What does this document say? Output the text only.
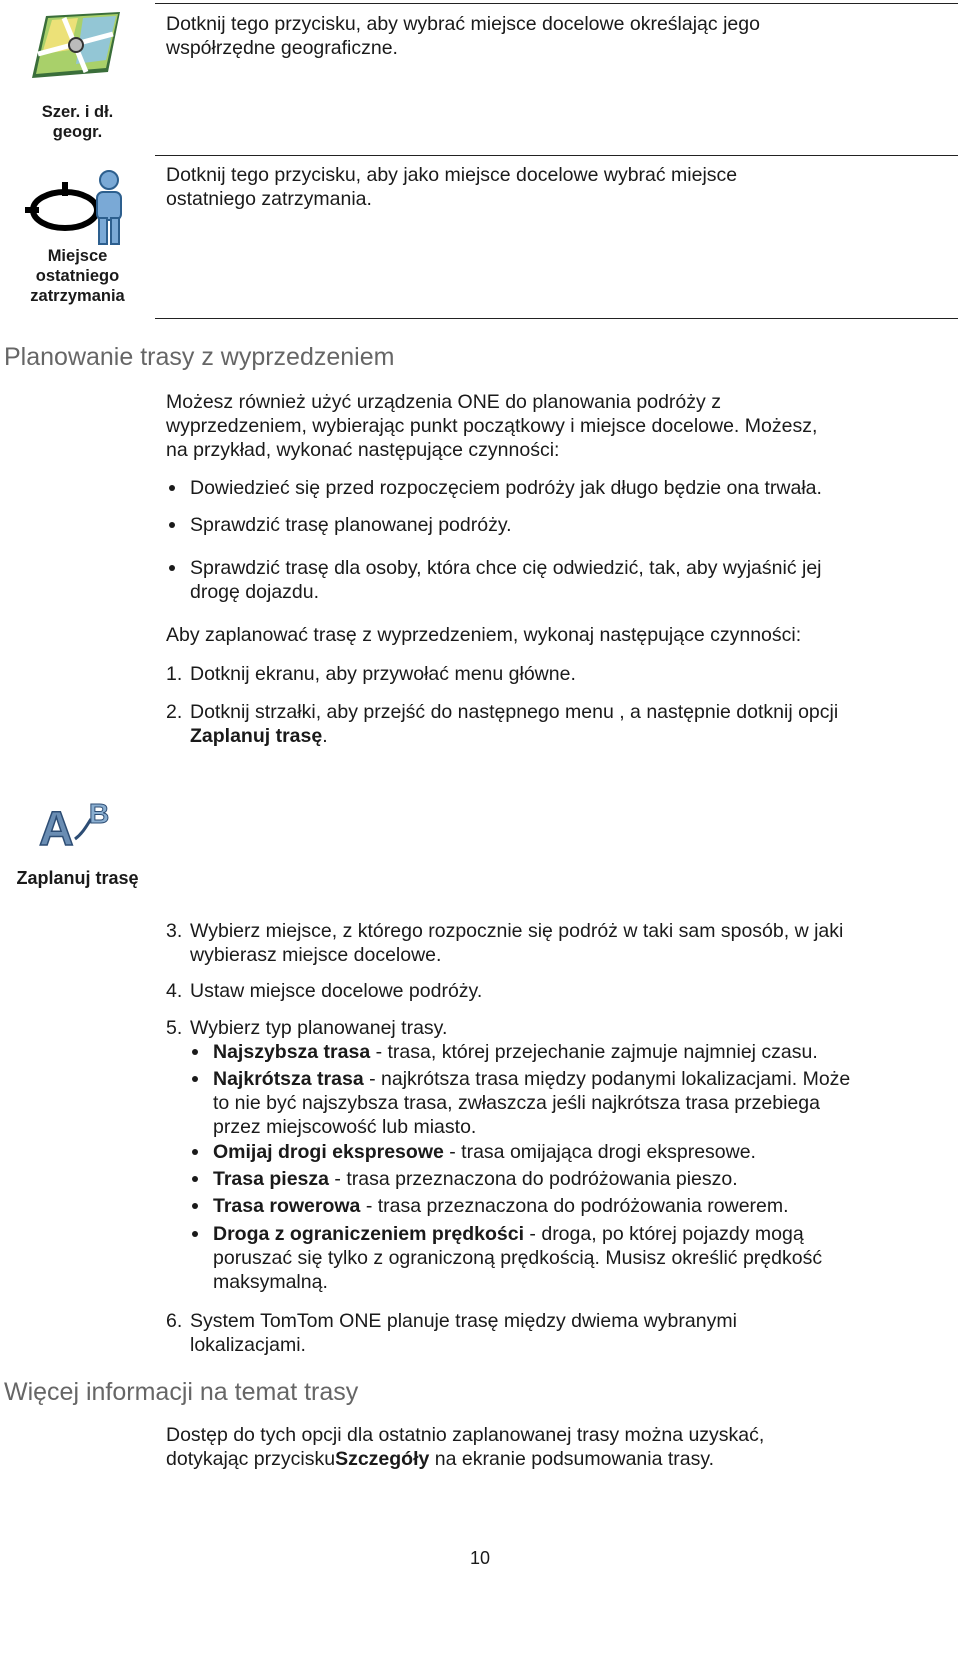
Szer. i dł.
geogr.
Dotknij tego przycisku, aby wybrać miejsce docelowe określając jego
współrzędne geograficzne.
Miejsce
ostatniego
zatrzymania
Dotknij tego przycisku, aby jako miejsce docelowe wybrać miejsce
ostatniego zatrzymania.
Planowanie trasy z wyprzedzeniem
Możesz również użyć urządzenia ONE do planowania podróży z
wyprzedzeniem, wybierając punkt początkowy i miejsce docelowe. Możesz,
na przykład, wykonać następujące czynności:
Dowiedzieć się przed rozpoczęciem podróży jak długo będzie ona trwała.
Sprawdzić trasę planowanej podróży.
Sprawdzić trasę dla osoby, która chce cię odwiedzić, tak, aby wyjaśnić jej
drogę dojazdu.
Aby zaplanować trasę z wyprzedzeniem, wykonaj następujące czynności:
1. Dotknij ekranu, aby przywołać menu główne.
2. Dotknij strzałki, aby przejść do następnego menu , a następnie dotknij opcji
Zaplanuj trasę.
A B
Zaplanuj trasę
3. Wybierz miejsce, z którego rozpocznie się podróż w taki sam sposób, w jaki
wybierasz miejsce docelowe.
4. Ustaw miejsce docelowe podróży.
5. Wybierz typ planowanej trasy.
Najszybsza trasa - trasa, której przejechanie zajmuje najmniej czasu.
Najkrótsza trasa - najkrótsza trasa między podanymi lokalizacjami. Może
to nie być najszybsza trasa, zwłaszcza jeśli najkrótsza trasa przebiega
przez miejscowość lub miasto.
Omijaj drogi ekspresowe - trasa omijająca drogi ekspresowe.
Trasa piesza - trasa przeznaczona do podróżowania pieszo.
Trasa rowerowa - trasa przeznaczona do podróżowania rowerem.
Droga z ograniczeniem prędkości - droga, po której pojazdy mogą
poruszać się tylko z ograniczoną prędkością. Musisz określić prędkość
maksymalną.
6. System TomTom ONE planuje trasę między dwiema wybranymi
lokalizacjami.
Więcej informacji na temat trasy
Dostęp do tych opcji dla ostatnio zaplanowanej trasy można uzyskać,
dotykając przyciskuSzczegóły na ekranie podsumowania trasy.
10
